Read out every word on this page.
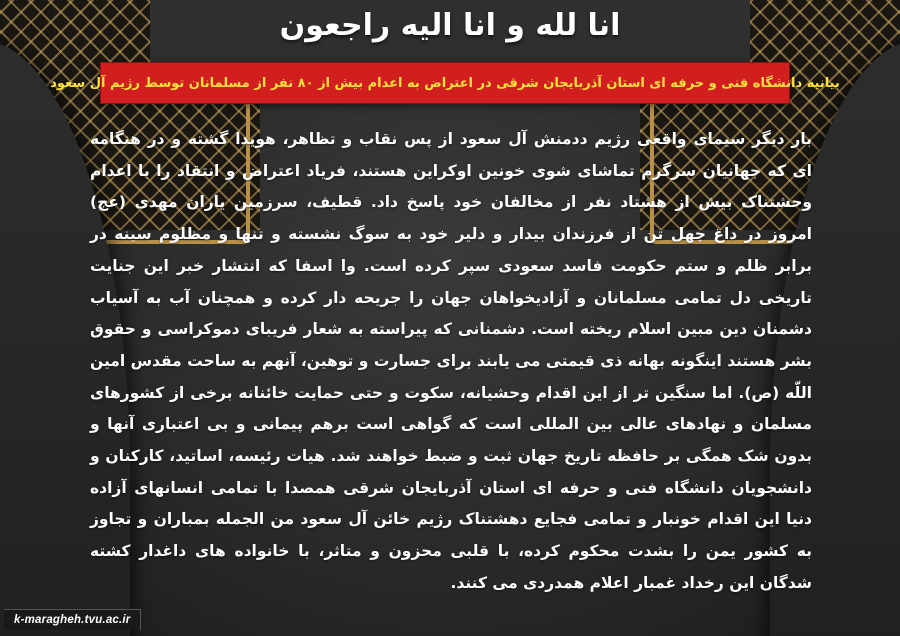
انا لله و انا الیه راجعون
بیانیه دانشگاه فنی و حرفه ای استان آذربایجان شرقی در اعتراض به اعدام بیش از ۸۰ نفر از مسلمانان توسط رژیم آل سعود
بار دیگر سیمای واقعی رژیم ددمنش آل سعود از پس نقاب و تظاهر، هویدا گشته و در هنگامه ای که جهانیان سرگرم تماشای شوی خونین اوکراین هستند، فریاد اعتراض و انتقاد را با اعدام وحشتناک بیش از هشتاد نفر از مخالفان خود پاسخ داد. قطیف، سرزمین یاران مهدی (عج) امروز در داغ چهل تن از فرزندان بیدار و دلیر خود به سوگ نشسته و تنها و مظلوم سینه در برابر ظلم و ستم حکومت فاسد سعودی سپر کرده است. وا اسفا که انتشار خبر این جنایت تاریخی دل تمامی مسلمانان و آزادیخواهان جهان را جریحه دار کرده و همچنان آب به آسیاب دشمنان دین مبین اسلام ریخته است. دشمنانی که پیراسته به شعار فریبای دموکراسی و حقوق بشر هستند اینگونه بهانه ذی قیمتی می یابند برای جسارت و توهین، آنهم به ساحت مقدس امین اللّه (ص). اما سنگین تر از این اقدام وحشیانه، سکوت و حتی حمایت خائنانه برخی از کشورهای مسلمان و نهادهای عالی بین المللی است که گواهی است برهم پیمانی و بی اعتباری آنها و بدون شک همگی بر حافظه تاریخ جهان ثبت و ضبط خواهند شد. هیات رئیسه، اساتید، کارکنان و دانشجویان دانشگاه فنی و حرفه ای استان آذربایجان شرقی همصدا با تمامی انسانهای آزاده دنیا این اقدام خونبار و تمامی فجایع دهشتناک رژیم خائن آل سعود من الجمله بمباران و تجاوز به کشور یمن را بشدت محکوم کرده، با قلبی محزون و متاثر، با خانواده های داغدار کشته شدگان این رخداد غمبار اعلام همدردی می کنند.
k-maragheh.tvu.ac.ir
